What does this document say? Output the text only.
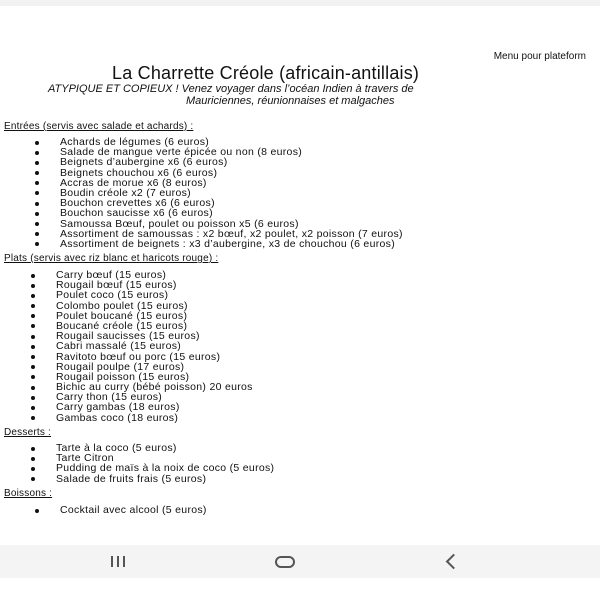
Menu pour plateform
La Charrette Créole (africain-antillais)
ATYPIQUE ET COPIEUX ! Venez voyager dans l’océan Indien à travers de
Mauriciennes, réunionnaises et malgaches
Entrées (servis avec salade et achards) :
Achards de légumes (6 euros)
Salade de mangue verte épicée ou non (8 euros)
Beignets d’aubergine x6 (6 euros)
Beignets chouchou x6 (6 euros)
Accras de morue x6 (8 euros)
Boudin créole x2 (7 euros)
Bouchon crevettes x6 (6 euros)
Bouchon saucisse x6 (6 euros)
Samoussa Bœuf, poulet ou poisson x5 (6 euros)
Assortiment de samoussas : x2 bœuf, x2 poulet, x2 poisson (7 euros)
Assortiment de beignets : x3 d’aubergine, x3 de chouchou (6 euros)
Plats (servis avec riz blanc et haricots rouge) :
Carry bœuf (15 euros)
Rougail bœuf (15 euros)
Poulet coco (15 euros)
Colombo poulet (15 euros)
Poulet boucané (15 euros)
Boucané créole (15 euros)
Rougail saucisses (15 euros)
Cabri massalé (15 euros)
Ravitoto bœuf ou porc (15 euros)
Rougail poulpe (17 euros)
Rougail poisson (15 euros)
Bichic au curry (bébé poisson) 20 euros
Carry thon (15 euros)
Carry gambas (18 euros)
Gambas coco (18 euros)
Desserts :
Tarte à la coco (5 euros)
Tarte Citron
Pudding de maïs à la noix de coco (5 euros)
Salade de fruits frais (5 euros)
Boissons :
Cocktail avec alcool (5 euros)
